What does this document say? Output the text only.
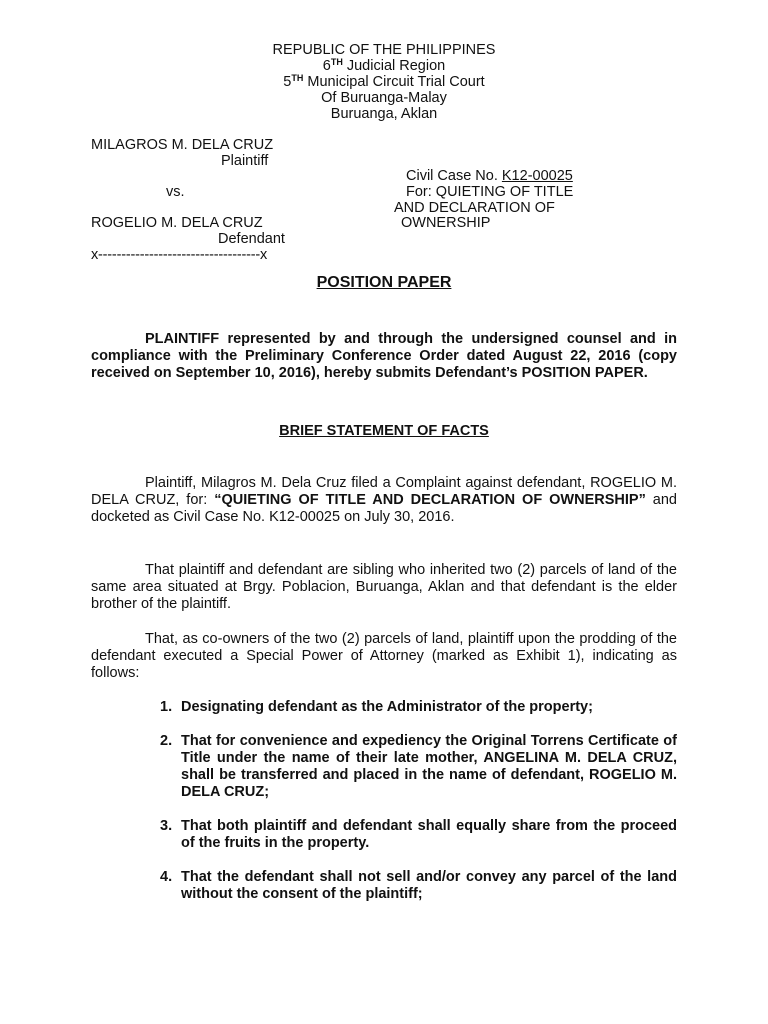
REPUBLIC OF THE PHILIPPINES
6TH Judicial Region
5TH Municipal Circuit Trial Court
Of Buruanga-Malay
Buruanga, Aklan
MILAGROS M. DELA CRUZ
Plaintiff
vs.
ROGELIO M. DELA CRUZ
Defendant
x-----------------------------------x
Civil Case No. K12-00025
For: QUIETING OF TITLE
AND DECLARATION OF
OWNERSHIP
POSITION PAPER
PLAINTIFF represented by and through the undersigned counsel and in compliance with the Preliminary Conference Order dated August 22, 2016 (copy received on September 10, 2016), hereby submits Defendant’s POSITION PAPER.
BRIEF STATEMENT OF FACTS
Plaintiff, Milagros M. Dela Cruz filed a Complaint against defendant, ROGELIO M. DELA CRUZ, for: “QUIETING OF TITLE AND DECLARATION OF OWNERSHIP” and docketed as Civil Case No. K12-00025 on July 30, 2016.
That plaintiff and defendant are sibling who inherited two (2) parcels of land of the same area situated at Brgy. Poblacion, Buruanga, Aklan and that defendant is the elder brother of the plaintiff.
That, as co-owners of the two (2) parcels of land, plaintiff upon the prodding of the defendant executed a Special Power of Attorney (marked as Exhibit 1), indicating as follows:
1. Designating defendant as the Administrator of the property;
2. That for convenience and expediency the Original Torrens Certificate of Title under the name of their late mother, ANGELINA M. DELA CRUZ, shall be transferred and placed in the name of defendant, ROGELIO M. DELA CRUZ;
3. That both plaintiff and defendant shall equally share from the proceed of the fruits in the property.
4. That the defendant shall not sell and/or convey any parcel of the land without the consent of the plaintiff;
